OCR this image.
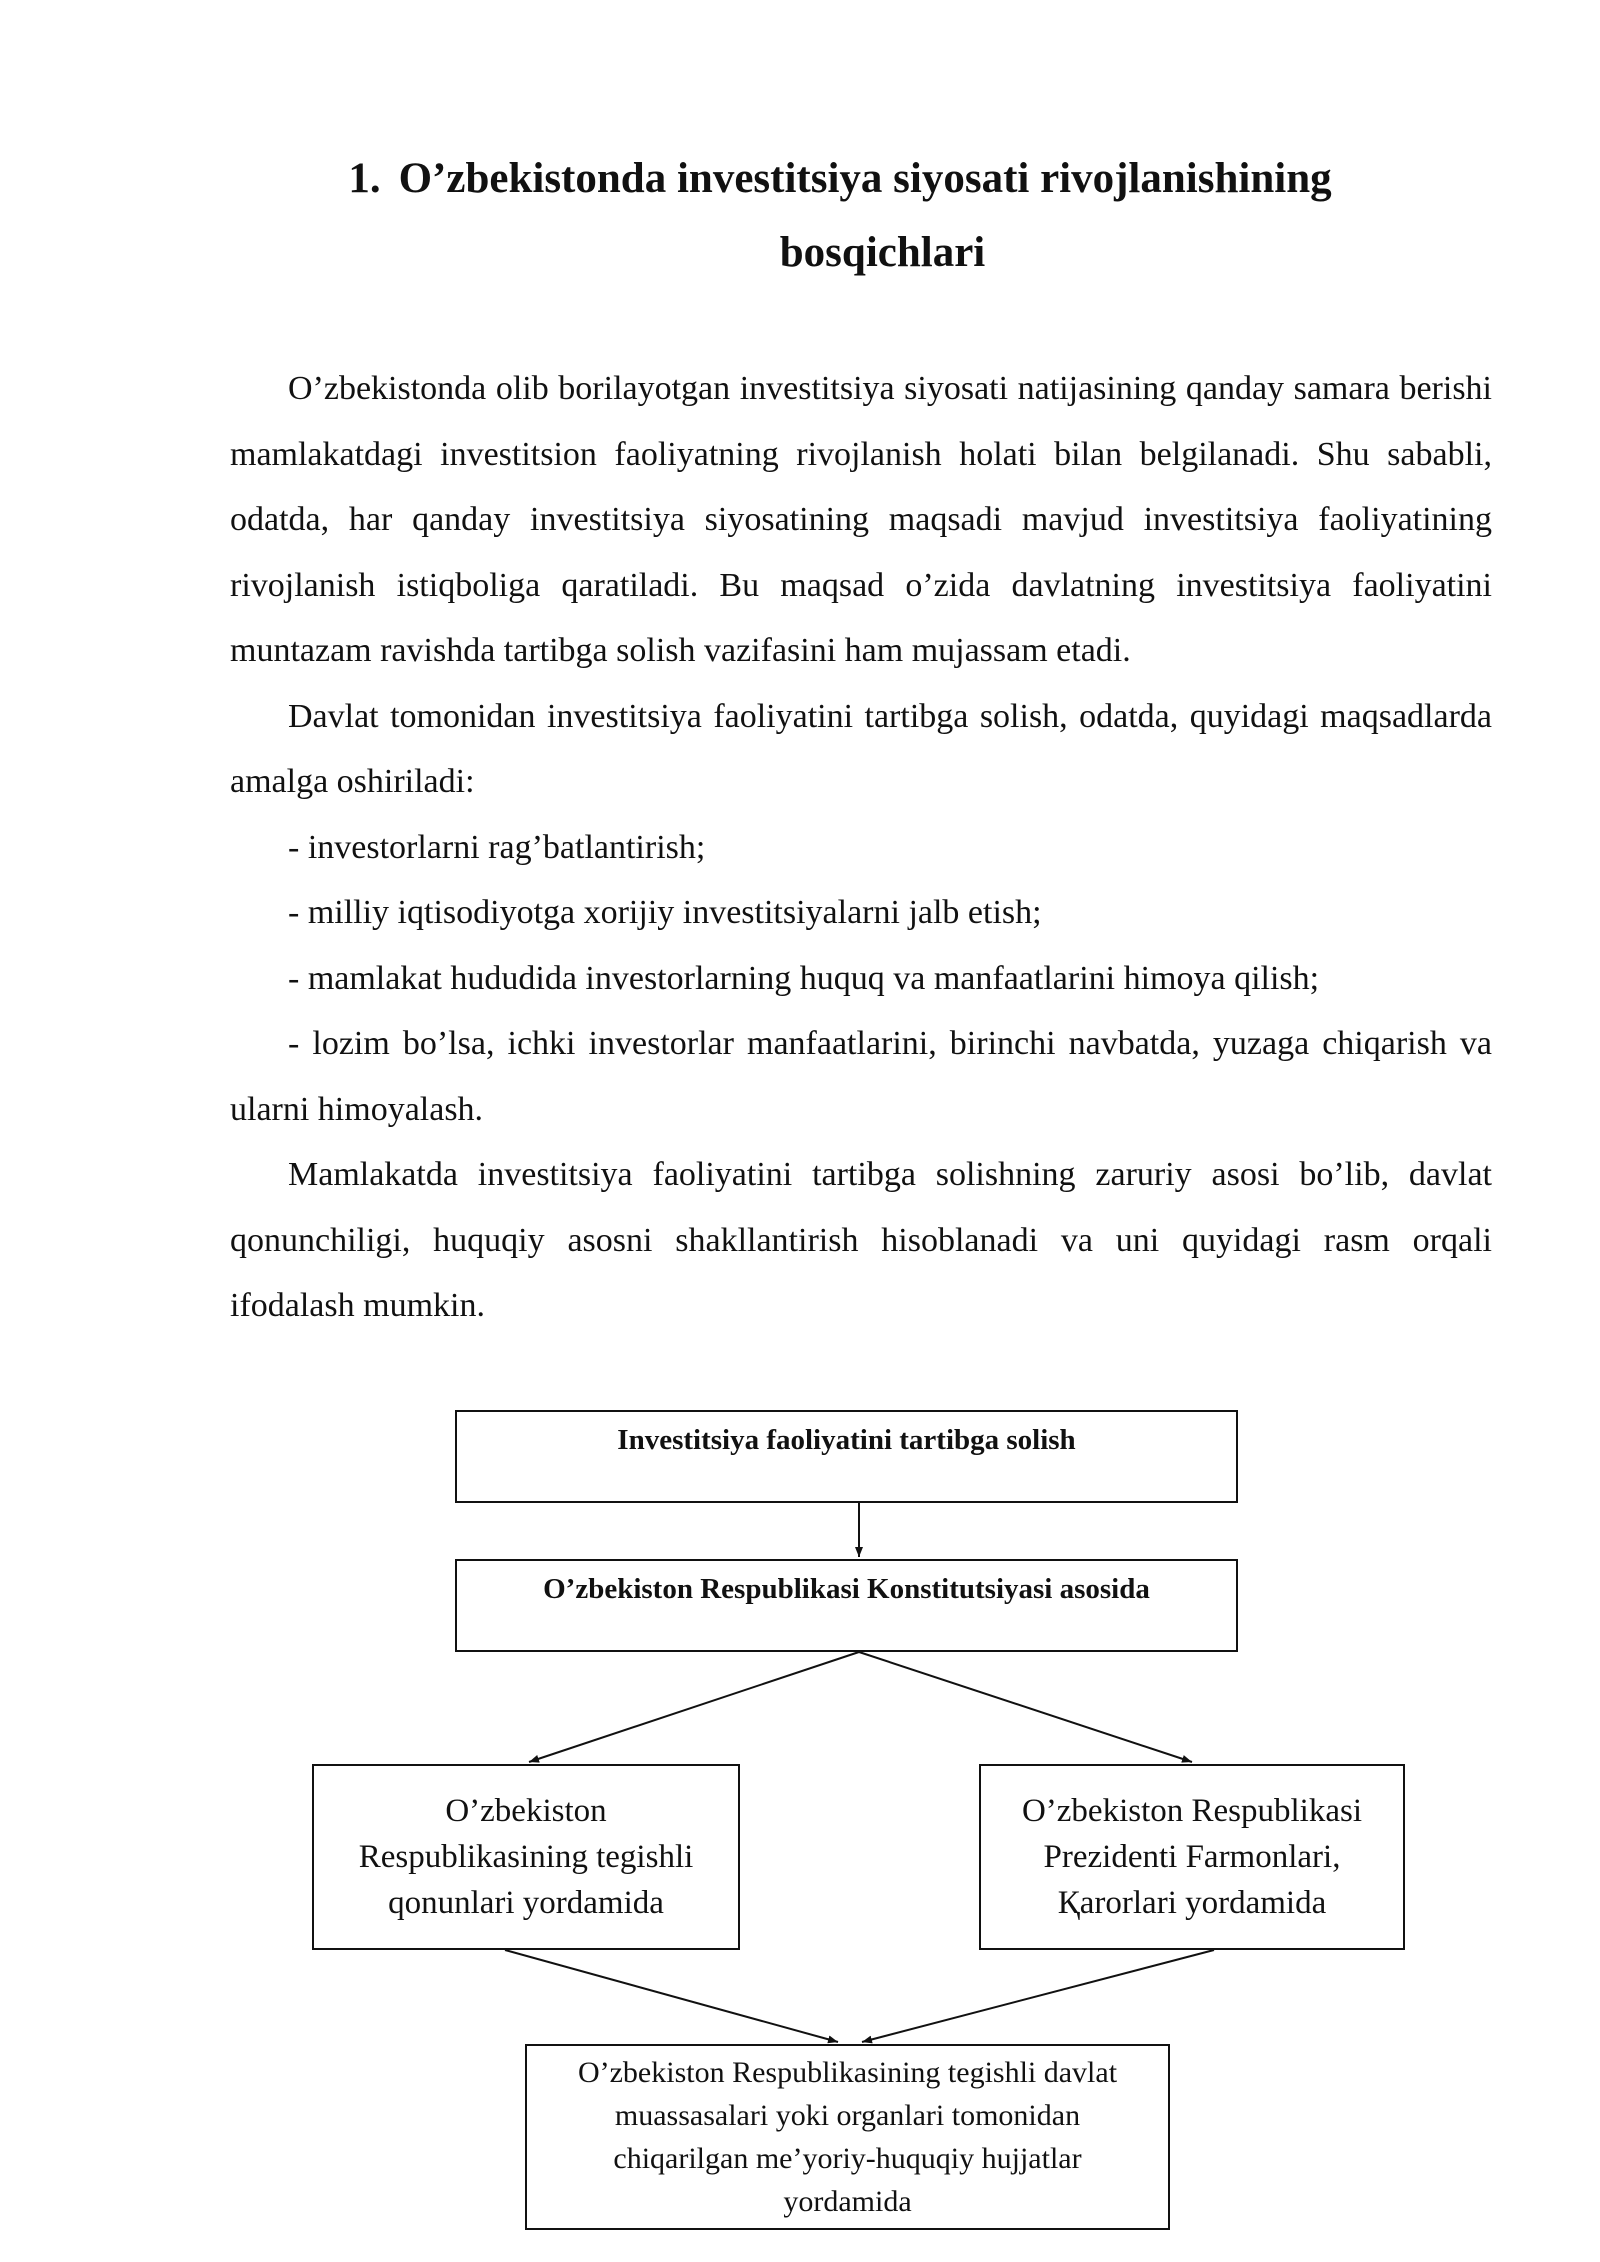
1. O’zbekistonda investitsiya siyosati rivojlanishining
bosqichlari

O’zbekistonda olib borilayotgan investitsiya siyosati natijasining qanday samara berishi mamlakatdagi investitsion faoliyatning rivojlanish holati bilan belgilanadi. Shu sababli, odatda, har qanday investitsiya siyosatining maqsadi mavjud investitsiya faoliyatining rivojlanish istiqboliga qaratiladi. Bu maqsad o’zida davlatning investitsiya faoliyatini muntazam ravishda tartibga solish vazifasini ham mujassam etadi.

Davlat tomonidan investitsiya faoliyatini tartibga solish, odatda, quyidagi maqsadlarda amalga oshiriladi:

- investorlarni rag’batlantirish;

- milliy iqtisodiyotga xorijiy investitsiyalarni jalb etish;

- mamlakat hududida investorlarning huquq va manfaatlarini himoya qilish;

- lozim bo’lsa, ichki investorlar manfaatlarini, birinchi navbatda, yuzaga chiqarish va ularni himoyalash.

Mamlakatda investitsiya faoliyatini tartibga solishning zaruriy asosi bo’lib, davlat qonunchiligi, huquqiy asosni shakllantirish hisoblanadi va uni quyidagi rasm orqali ifodalash mumkin.

Investitsiya faoliyatini tartibga solish
O’zbekiston Respublikasi Konstitutsiyasi asosida
O’zbekiston
Respublikasining tegishli
qonunlari yordamida
O’zbekiston Respublikasi
Prezidenti Farmonlari,
Қarorlari yordamida
O’zbekiston Respublikasining tegishli davlat
muassasalari yoki organlari tomonidan
chiqarilgan me’yoriy-huquqiy hujjatlar
yordamida
